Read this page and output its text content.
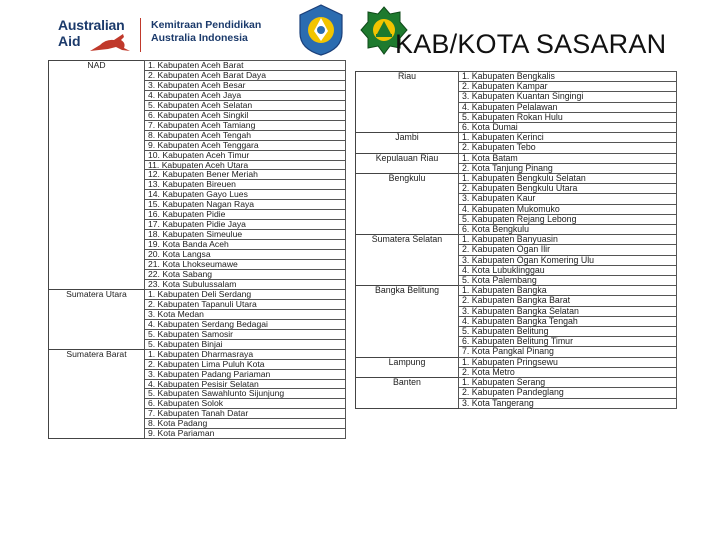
Australian
Aid
Kemitraan Pendidikan
Australia Indonesia	KAB/KOTA SASARAN
NAD	1. Kabupaten Aceh Barat
	2. Kabupaten Aceh Barat Daya
	3. Kabupaten Aceh Besar
	4. Kabupaten Aceh Jaya
	5. Kabupaten Aceh Selatan
	6. Kabupaten Aceh Singkil
	7. Kabupaten Aceh Tamiang
	8. Kabupaten Aceh Tengah
	9. Kabupaten Aceh Tenggara
	10. Kabupaten Aceh Timur
	11. Kabupaten Aceh Utara
	12. Kabupaten Bener Meriah
	13. Kabupaten Bireuen
	14. Kabupaten Gayo Lues
	15. Kabupaten Nagan Raya
	16. Kabupaten Pidie
	17. Kabupaten Pidie Jaya
	18. Kabupaten Simeulue
	19. Kota Banda Aceh
	20. Kota Langsa
	21. Kota Lhokseumawe
	22. Kota Sabang
	23. Kota Subulussalam

Sumatera Utara	1. Kabupaten Deli Serdang
	2. Kabupaten Tapanuli Utara
	3. Kota Medan
	4. Kabupaten Serdang Bedagai
	5. Kabupaten Samosir
	5. Kabupaten Binjai

Sumatera Barat	1. Kabupaten Dharmasraya
	2. Kabupaten Lima Puluh Kota
	3. Kabupaten Padang Pariaman
	4. Kabupaten Pesisir Selatan
	5. Kabupaten Sawahlunto Sijunjung
	6. Kabupaten Solok
	7. Kabupaten Tanah Datar
	8. Kota Padang
	9. Kota Pariaman
Riau	1. Kabupaten Bengkalis
	2. Kabupaten Kampar
	3. Kabupaten Kuantan Singingi
	4. Kabupaten Pelalawan
	5. Kabupaten Rokan Hulu
	6. Kota Dumai

Jambi	1. Kabupaten Kerinci
	2. Kabupaten Tebo

Kepulauan Riau	1. Kota Batam
	2. Kota Tanjung Pinang

Bengkulu	1. Kabupaten Bengkulu Selatan
	2. Kabupaten Bengkulu Utara
	3. Kabupaten Kaur
	4. Kabupaten Mukomuko
	5. Kabupaten Rejang Lebong
	6. Kota Bengkulu

Sumatera Selatan	1. Kabupaten Banyuasin
	2. Kabupaten Ogan Ilir
	3. Kabupaten Ogan Komering Ulu
	4. Kota Lubuklinggau
	5. Kota Palembang

Bangka Belitung	1. Kabupaten Bangka
	2. Kabupaten Bangka Barat
	3. Kabupaten Bangka Selatan
	4. Kabupaten Bangka Tengah
	5. Kabupaten Belitung
	6. Kabupaten Belitung Timur
	7. Kota Pangkal Pinang

Lampung	1. Kabupaten Pringsewu
	2. Kota Metro

Banten	1. Kabupaten Serang
	2. Kabupaten Pandeglang
	3. Kota Tangerang
